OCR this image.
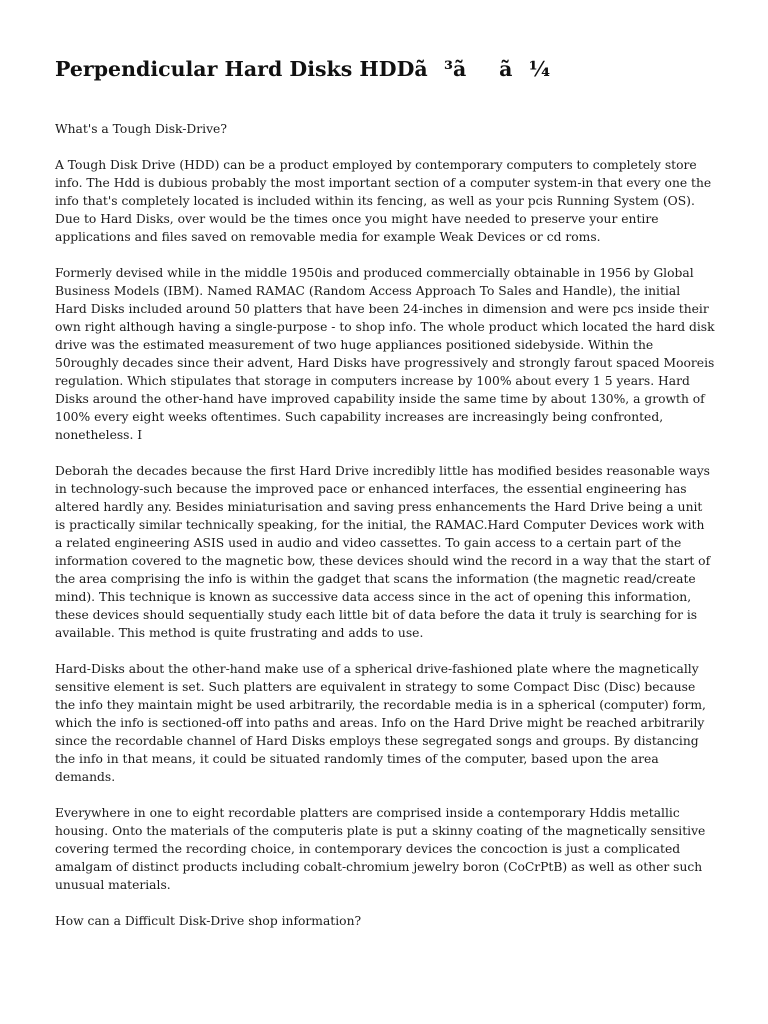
Perpendicular Hard Disks HDDã³ãã¼

What's a Tough Disk-Drive?

A Tough Disk Drive (HDD) can be a product employed by contemporary computers to completely store info. The Hdd is dubious probably the most important section of a computer system-in that every one the info that's completely located is included within its fencing, as well as your pcis Running System (OS). Due to Hard Disks, over would be the times once you might have needed to preserve your entire applications and files saved on removable media for example Weak Devices or cd roms.

Formerly devised while in the middle 1950is and produced commercially obtainable in 1956 by Global Business Models (IBM). Named RAMAC (Random Access Approach To Sales and Handle), the initial Hard Disks included around 50 platters that have been 24-inches in dimension and were pcs inside their own right although having a single-purpose - to shop info. The whole product which located the hard disk drive was the estimated measurement of two huge appliances positioned sidebyside. Within the 50roughly decades since their advent, Hard Disks have progressively and strongly farout spaced Mooreis regulation. Which stipulates that storage in computers increase by 100% about every 1 5 years. Hard Disks around the other-hand have improved capability inside the same time by about 130%, a growth of 100% every eight weeks oftentimes. Such capability increases are increasingly being confronted, nonetheless. I

Deborah the decades because the first Hard Drive incredibly little has modified besides reasonable ways in technology-such because the improved pace or enhanced interfaces, the essential engineering has altered hardly any. Besides miniaturisation and saving press enhancements the Hard Drive being a unit is practically similar technically speaking, for the initial, the RAMAC.Hard Computer Devices work with a related engineering ASIS used in audio and video cassettes. To gain access to a certain part of the information covered to the magnetic bow, these devices should wind the record in a way that the start of the area comprising the info is within the gadget that scans the information (the magnetic read/create mind). This technique is known as successive data access since in the act of opening this information, these devices should sequentially study each little bit of data before the data it truly is searching for is available. This method is quite frustrating and adds to use.

Hard-Disks about the other-hand make use of a spherical drive-fashioned plate where the magnetically sensitive element is set. Such platters are equivalent in strategy to some Compact Disc (Disc) because the info they maintain might be used arbitrarily, the recordable media is in a spherical (computer) form, which the info is sectioned-off into paths and areas. Info on the Hard Drive might be reached arbitrarily since the recordable channel of Hard Disks employs these segregated songs and groups. By distancing the info in that means, it could be situated randomly times of the computer, based upon the area demands.

Everywhere in one to eight recordable platters are comprised inside a contemporary Hddis metallic housing. Onto the materials of the computeris plate is put a skinny coating of the magnetically sensitive covering termed the recording choice, in contemporary devices the concoction is just a complicated amalgam of distinct products including cobalt-chromium jewelry boron (CoCrPtB) as well as other such unusual materials.

How can a Difficult Disk-Drive shop information?
